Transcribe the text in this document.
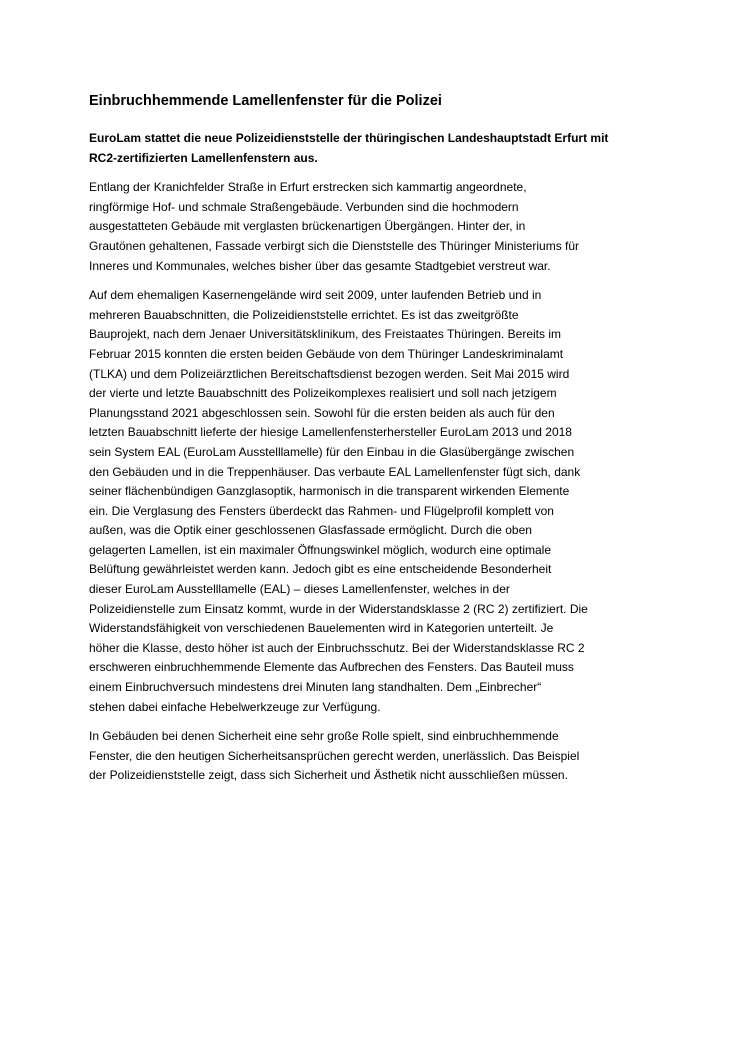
Einbruchhemmende Lamellenfenster für die Polizei
EuroLam stattet die neue Polizeidienststelle der thüringischen Landeshauptstadt Erfurt mit
RC2-zertifizierten Lamellenfenstern aus.
Entlang der Kranichfelder Straße in Erfurt erstrecken sich kammartig angeordnete,
ringförmige Hof- und schmale Straßengebäude. Verbunden sind die hochmodern
ausgestatteten Gebäude mit verglasten brückenartigen Übergängen. Hinter der, in
Grautönen gehaltenen, Fassade verbirgt sich die Dienststelle des Thüringer Ministeriums für
Inneres und Kommunales, welches bisher über das gesamte Stadtgebiet verstreut war.
Auf dem ehemaligen Kasernengelände wird seit 2009, unter laufenden Betrieb und in
mehreren Bauabschnitten, die Polizeidienststelle errichtet. Es ist das zweitgrößte
Bauprojekt, nach dem Jenaer Universitätsklinikum, des Freistaates Thüringen. Bereits im
Februar 2015 konnten die ersten beiden Gebäude von dem Thüringer Landeskriminalamt
(TLKA) und dem Polizeiärztlichen Bereitschaftsdienst bezogen werden. Seit Mai 2015 wird
der vierte und letzte Bauabschnitt des Polizeikomplexes realisiert und soll nach jetzigem
Planungsstand 2021 abgeschlossen sein. Sowohl für die ersten beiden als auch für den
letzten Bauabschnitt lieferte der hiesige Lamellenfensterhersteller EuroLam 2013 und 2018
sein System EAL (EuroLam Ausstelllamelle) für den Einbau in die Glasübergänge zwischen
den Gebäuden und in die Treppenhäuser. Das verbaute EAL Lamellenfenster fügt sich, dank
seiner flächenbündigen Ganzglasoptik, harmonisch in die transparent wirkenden Elemente
ein. Die Verglasung des Fensters überdeckt das Rahmen- und Flügelprofil komplett von
außen, was die Optik einer geschlossenen Glasfassade ermöglicht. Durch die oben
gelagerten Lamellen, ist ein maximaler Öffnungswinkel möglich, wodurch eine optimale
Belüftung gewährleistet werden kann. Jedoch gibt es eine entscheidende Besonderheit
dieser EuroLam Ausstelllamelle (EAL) – dieses Lamellenfenster, welches in der
Polizeidienstelle zum Einsatz kommt, wurde in der Widerstandsklasse 2 (RC 2) zertifiziert. Die
Widerstandsfähigkeit von verschiedenen Bauelementen wird in Kategorien unterteilt. Je
höher die Klasse, desto höher ist auch der Einbruchsschutz. Bei der Widerstandsklasse RC 2
erschweren einbruchhemmende Elemente das Aufbrechen des Fensters. Das Bauteil muss
einem Einbruchversuch mindestens drei Minuten lang standhalten. Dem „Einbrecher“
stehen dabei einfache Hebelwerkzeuge zur Verfügung.
In Gebäuden bei denen Sicherheit eine sehr große Rolle spielt, sind einbruchhemmende
Fenster, die den heutigen Sicherheitsansprüchen gerecht werden, unerlässlich. Das Beispiel
der Polizeidienststelle zeigt, dass sich Sicherheit und Ästhetik nicht ausschließen müssen.
